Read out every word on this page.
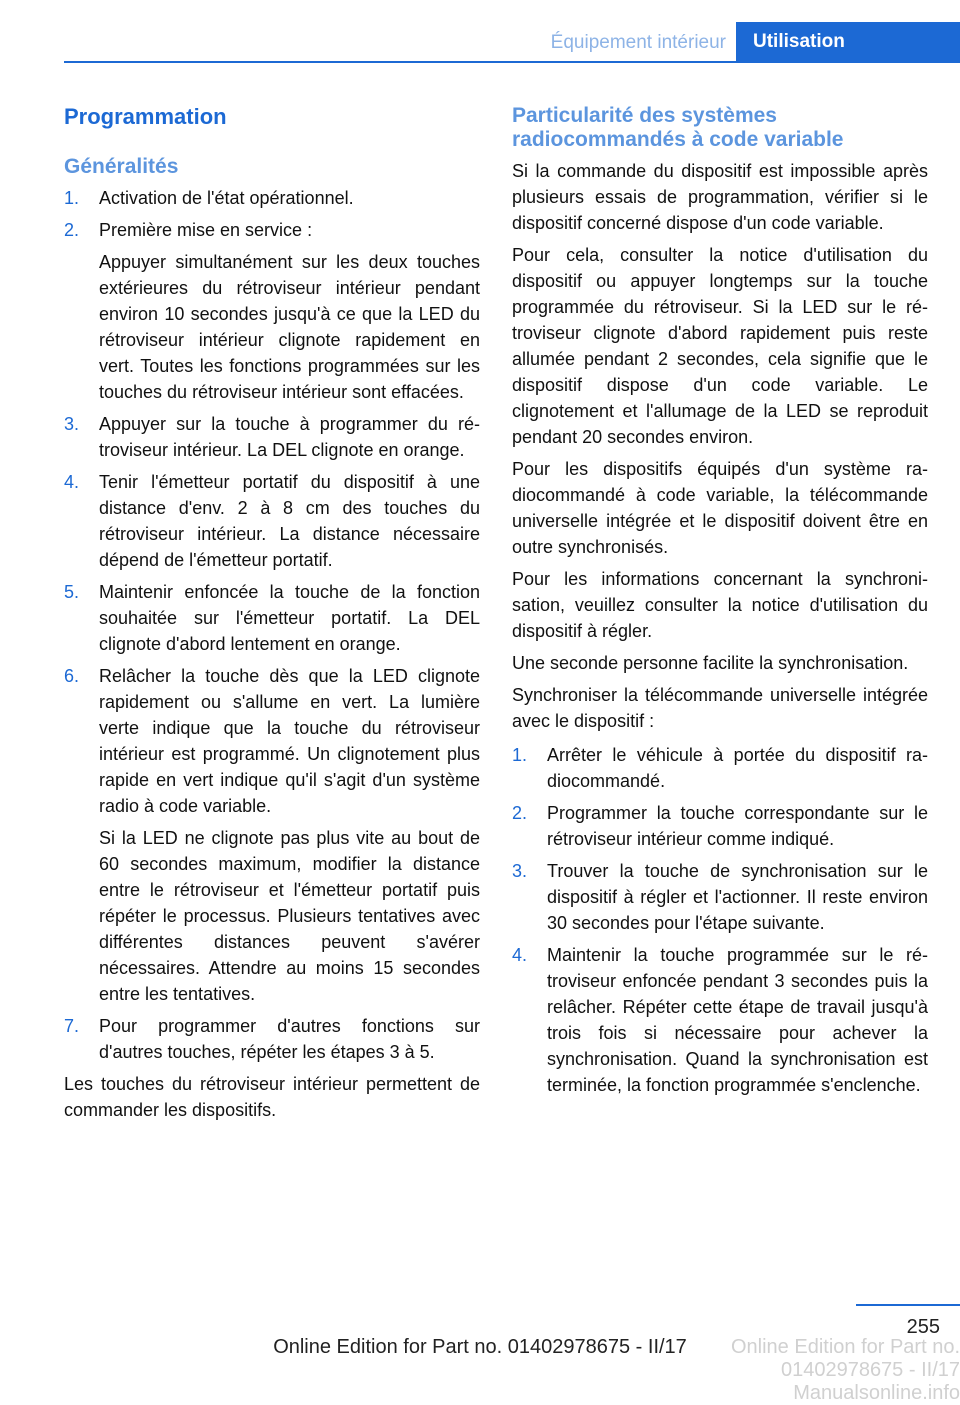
Équipement intérieur	Utilisation
Programmation
Généralités
1. Activation de l'état opérationnel.
2. Première mise en service :
Appuyer simultanément sur les deux touches extérieures du rétroviseur intérieur pendant environ 10 secondes jusqu'à ce que la LED du rétroviseur intérieur clignote rapidement en vert. Toutes les fonctions programmées sur les touches du rétroviseur intérieur sont effacées.
3. Appuyer sur la touche à programmer du rétroviseur intérieur. La DEL clignote en orange.
4. Tenir l'émetteur portatif du dispositif à une distance d'env. 2 à 8 cm des touches du rétroviseur intérieur. La distance nécessaire dépend de l'émetteur portatif.
5. Maintenir enfoncée la touche de la fonction souhaitée sur l'émetteur portatif. La DEL clignote d'abord lentement en orange.
6. Relâcher la touche dès que la LED clignote rapidement ou s'allume en vert. La lumière verte indique que la touche du rétroviseur intérieur est programmé. Un clignotement plus rapide en vert indique qu'il s'agit d'un système radio à code variable.
Si la LED ne clignote pas plus vite au bout de 60 secondes maximum, modifier la distance entre le rétroviseur et l'émetteur portatif puis répéter le processus. Plusieurs tentatives avec différentes distances peuvent s'avérer nécessaires. Attendre au moins 15 secondes entre les tentatives.
7. Pour programmer d'autres fonctions sur d'autres touches, répéter les étapes 3 à 5.

Les touches du rétroviseur intérieur permettent de commander les dispositifs.

Particularité des systèmes radiocommandés à code variable

Si la commande du dispositif est impossible après plusieurs essais de programmation, vérifier si le dispositif concerné dispose d'un code variable.

Pour cela, consulter la notice d'utilisation du dispositif ou appuyer longtemps sur la touche programmée du rétroviseur. Si la LED sur le rétroviseur clignote d'abord rapidement puis reste allumée pendant 2 secondes, cela signifie que le dispositif dispose d'un code variable. Le clignotement et l'allumage de la LED se reproduit pendant 20 secondes environ.

Pour les dispositifs équipés d'un système radiocommandé à code variable, la télécommande universelle intégrée et le dispositif doivent être en outre synchronisés.

Pour les informations concernant la synchronisation, veuillez consulter la notice d'utilisation du dispositif à régler.

Une seconde personne facilite la synchronisation.

Synchroniser la télécommande universelle intégrée avec le dispositif :

1. Arrêter le véhicule à portée du dispositif radiocommandé.
2. Programmer la touche correspondante sur le rétroviseur intérieur comme indiqué.
3. Trouver la touche de synchronisation sur le dispositif à régler et l'actionner. Il reste environ 30 secondes pour l'étape suivante.
4. Maintenir la touche programmée sur le rétroviseur enfoncée pendant 3 secondes puis la relâcher. Répéter cette étape de travail jusqu'à trois fois si nécessaire pour achever la synchronisation. Quand la synchronisation est terminée, la fonction programmée s'enclenche.
255
Online Edition for Part no. 01402978675 - II/17 Manualsonline.info
Online Edition for Part no. 01402978675 - II/17
